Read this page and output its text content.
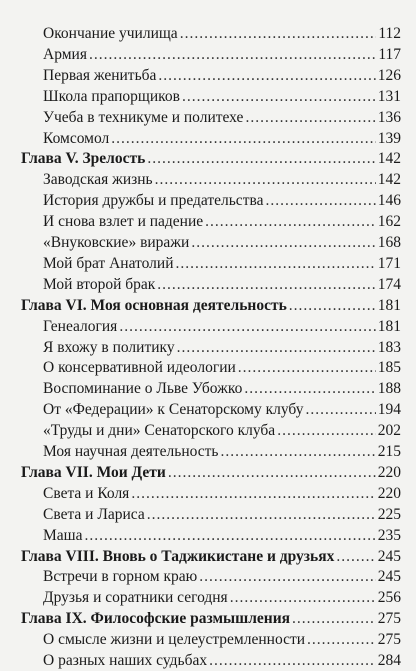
Окончание училища .....	112
Армия .....	117
Первая женитьба .....	126
Школа прапорщиков .....	131
Учеба в техникуме и политехе .....	136
Комсомол .....	139
Глава V. Зрелость .....	142
Заводская жизнь .....	142
История дружбы и предательства .....	146
И снова взлет и падение .....	162
«Внуковские» виражи .....	168
Мой брат Анатолий .....	171
Мой второй брак .....	174
Глава VI. Моя основная деятельность .....	181
Генеалогия .....	181
Я вхожу в политику .....	183
О консервативной идеологии .....	185
Воспоминание о Льве Убожко .....	188
От «Федерации» к Сенаторскому клубу .....	194
«Труды и дни» Сенаторского клуба .....	202
Моя научная деятельность .....	215
Глава VII. Мои Дети .....	220
Света и Коля .....	220
Света и Лариса .....	225
Маша .....	235
Глава VIII. Вновь о Таджикистане и друзьях .....	245
Встречи в горном краю .....	245
Друзья и соратники сегодня .....	256
Глава IX. Философские размышления .....	275
О смысле жизни и целеустремленности .....	275
О разных наших судьбах .....	284
